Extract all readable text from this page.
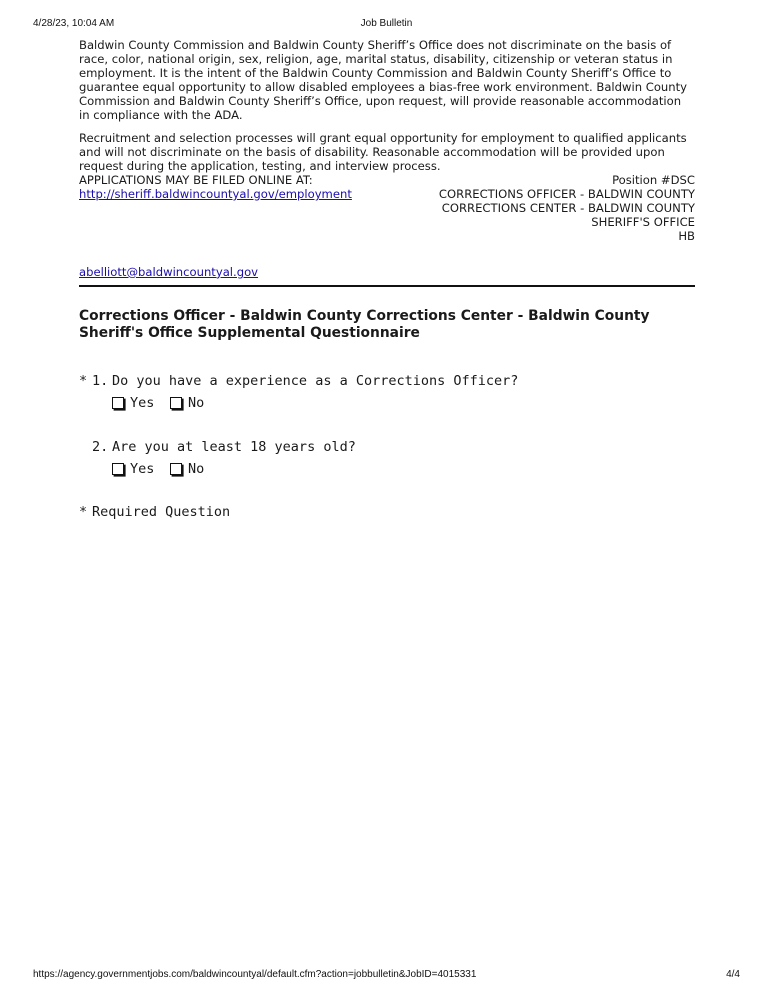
4/28/23, 10:04 AM	Job Bulletin

Baldwin County Commission and Baldwin County Sheriff’s Office does not discriminate on the basis of race, color, national origin, sex, religion, age, marital status, disability, citizenship or veteran status in employment. It is the intent of the Baldwin County Commission and Baldwin County Sheriff’s Office to guarantee equal opportunity to allow disabled employees a bias-free work environment. Baldwin County Commission and Baldwin County Sheriff’s Office, upon request, will provide reasonable accommodation in compliance with the ADA.

Recruitment and selection processes will grant equal opportunity for employment to qualified applicants and will not discriminate on the basis of disability. Reasonable accommodation will be provided upon request during the application, testing, and interview process.

APPLICATIONS MAY BE FILED ONLINE AT:
http://sheriff.baldwincountyal.gov/employment
Position #DSC
CORRECTIONS OFFICER - BALDWIN COUNTY
CORRECTIONS CENTER - BALDWIN COUNTY
SHERIFF'S OFFICE
HB
abelliott@baldwincountyal.gov
Corrections Officer - Baldwin County Corrections Center - Baldwin County Sheriff's Office Supplemental Questionnaire
* 1. Do you have a experience as a Corrections Officer?
Yes No
2. Are you at least 18 years old?
Yes No
* Required Question
https://agency.governmentjobs.com/baldwincountyal/default.cfm?action=jobbulletin&JobID=4015331	4/4
